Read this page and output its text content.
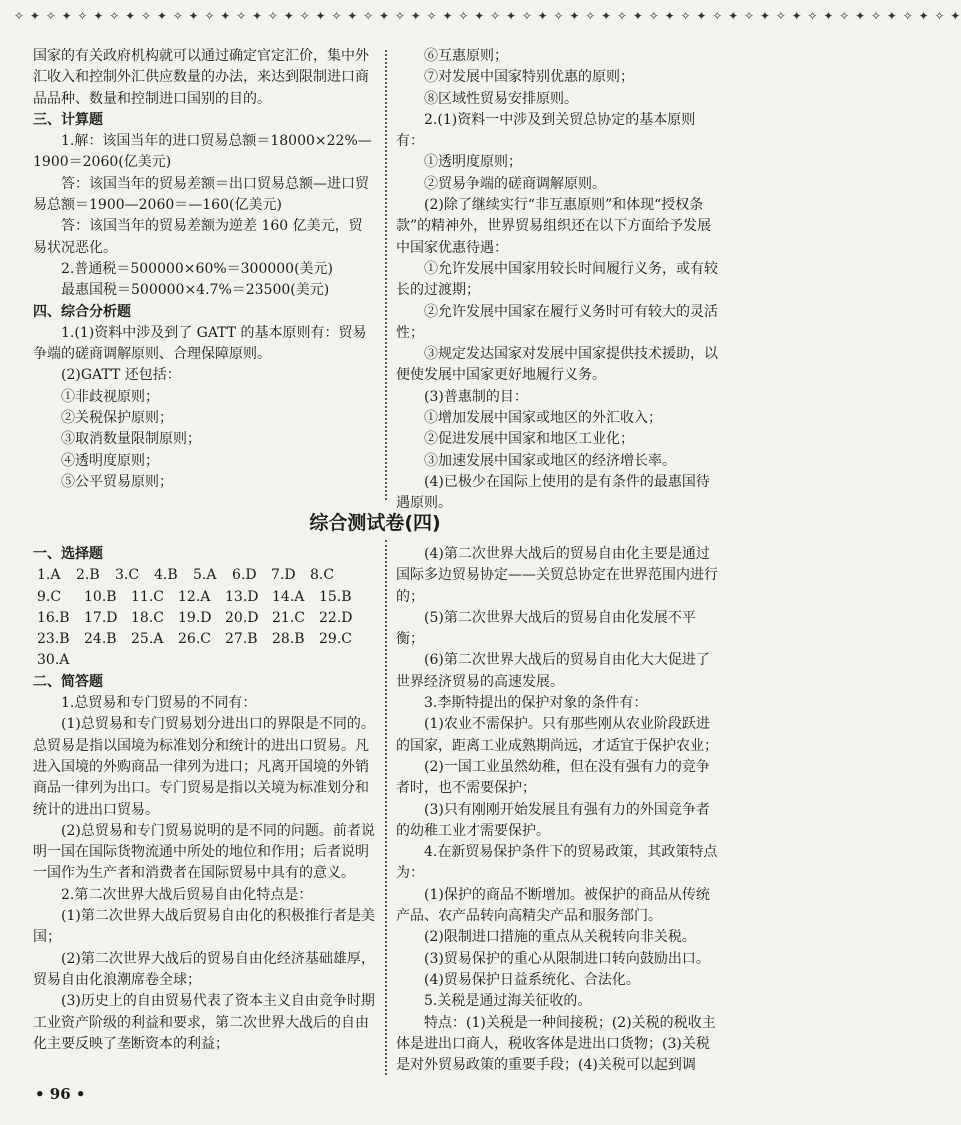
✧ ✦ ✧ ✦ ✧ ✦ ✧ ✦ ✧ ✦ ✧ ✦ ✧ ✦ ✧ ✦ ✧ ✦ ✧ ✦ ✧ ✦ ✧ ✦ ✧ ✦ ✧ ✦ ✧ ✦ ✧ ✦ ✧ ✦ ✧ ✦ ✧ ✦ ✧ ✦ ✧ ✦ ✧ ✦ ✧ ✦ ✧ ✦ ✧ ✦ ✧ ✦ ✧ ✦ ✧ ✦ ✧ ✦ ✧ ✦

国家的有关政府机构就可以通过确定官定汇价，集中外汇收入和控制外汇供应数量的办法，来达到限制进口商品品种、数量和控制进口国别的目的。

三、计算题

1.解：该国当年的进口贸易总额＝18000×22%—1900＝2060(亿美元)

答：该国当年的贸易差额＝出口贸易总额—进口贸易总额＝1900—2060＝—160(亿美元)

答：该国当年的贸易差额为逆差 160 亿美元，贸易状况恶化。

2.普通税＝500000×60%＝300000(美元)

最惠国税＝500000×4.7%＝23500(美元)

四、综合分析题

1.(1)资料中涉及到了 GATT 的基本原则有：贸易争端的磋商调解原则、合理保障原则。

(2)GATT 还包括：

①非歧视原则；

②关税保护原则；

③取消数量限制原则；

④透明度原则；

⑤公平贸易原则；

⑥互惠原则；

⑦对发展中国家特别优惠的原则；

⑧区域性贸易安排原则。

2.(1)资料一中涉及到关贸总协定的基本原则有：

①透明度原则；

②贸易争端的磋商调解原则。

(2)除了继续实行“非互惠原则”和体现“授权条款”的精神外，世界贸易组织还在以下方面给予发展中国家优惠待遇：

①允许发展中国家用较长时间履行义务，或有较长的过渡期；

②允许发展中国家在履行义务时可有较大的灵活性；

③规定发达国家对发展中国家提供技术援助，以便使发展中国家更好地履行义务。

(3)普惠制的目：

①增加发展中国家或地区的外汇收入；

②促进发展中国家和地区工业化；

③加速发展中国家或地区的经济增长率。

(4)已极少在国际上使用的是有条件的最惠国待遇原则。

综合测试卷(四)

一、选择题

1.A	2.B	3.C	4.B	5.A	6.D	7.D	8.C
9.C	10.B	11.C	12.A	13.D 14.A	15.B
16.B	17.D 18.C	19.D 20.D 21.C	22.D
23.B	24.B	25.A	26.C	27.B	28.B	29.C
30.A

二、简答题

1.总贸易和专门贸易的不同有：

(1)总贸易和专门贸易划分进出口的界限是不同的。总贸易是指以国境为标准划分和统计的进出口贸易。凡进入国境的外购商品一律列为进口；凡离开国境的外销商品一律列为出口。专门贸易是指以关境为标准划分和统计的进出口贸易。

(2)总贸易和专门贸易说明的是不同的问题。前者说明一国在国际货物流通中所处的地位和作用；后者说明一国作为生产者和消费者在国际贸易中具有的意义。

2.第二次世界大战后贸易自由化特点是：

(1)第二次世界大战后贸易自由化的积极推行者是美国；

(2)第二次世界大战后的贸易自由化经济基础雄厚，贸易自由化浪潮席卷全球；

(3)历史上的自由贸易代表了资本主义自由竞争时期工业资产阶级的利益和要求，第二次世界大战后的自由化主要反映了垄断资本的利益；

(4)第二次世界大战后的贸易自由化主要是通过国际多边贸易协定——关贸总协定在世界范围内进行的；

(5)第二次世界大战后的贸易自由化发展不平衡；

(6)第二次世界大战后的贸易自由化大大促进了世界经济贸易的高速发展。

3.李斯特提出的保护对象的条件有：

(1)农业不需保护。只有那些刚从农业阶段跃进的国家，距离工业成熟期尚远，才适宜于保护农业；

(2)一国工业虽然幼稚，但在没有强有力的竞争者时，也不需要保护；

(3)只有刚刚开始发展且有强有力的外国竞争者的幼稚工业才需要保护。

4.在新贸易保护条件下的贸易政策，其政策特点为：

(1)保护的商品不断增加。被保护的商品从传统产品、农产品转向高精尖产品和服务部门。

(2)限制进口措施的重点从关税转向非关税。

(3)贸易保护的重心从限制进口转向鼓励出口。

(4)贸易保护日益系统化、合法化。

5.关税是通过海关征收的。

特点：(1)关税是一种间接税；(2)关税的税收主体是进出口商人，税收客体是进出口货物；(3)关税是对外贸易政策的重要手段；(4)关税可以起到调

• 96 •
